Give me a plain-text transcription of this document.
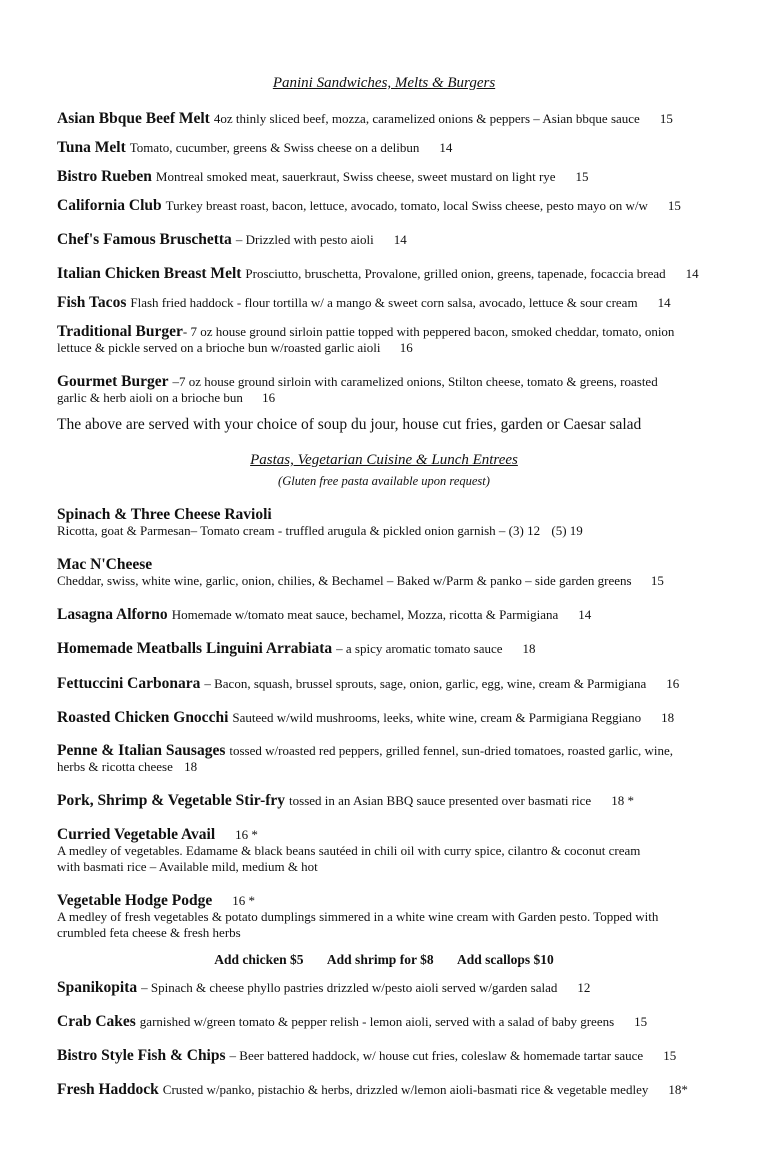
Panini Sandwiches, Melts & Burgers
Asian Bbque Beef Melt 4oz thinly sliced beef, mozza, caramelized onions & peppers – Asian bbque sauce 15
Tuna Melt Tomato, cucumber, greens & Swiss cheese on a delibun 14
Bistro Rueben Montreal smoked meat, sauerkraut, Swiss cheese, sweet mustard on light rye 15
California Club Turkey breast roast, bacon, lettuce, avocado, tomato, local Swiss cheese, pesto mayo on w/w 15
Chef's Famous Bruschetta – Drizzled with pesto aioli 14
Italian Chicken Breast Melt Prosciutto, bruschetta, Provalone, grilled onion, greens, tapenade, focaccia bread 14
Fish Tacos Flash fried haddock - flour tortilla w/ a mango & sweet corn salsa, avocado, lettuce & sour cream 14
Traditional Burger- 7 oz house ground sirloin pattie topped with peppered bacon, smoked cheddar, tomato, onion
lettuce & pickle served on a brioche bun w/roasted garlic aioli 16
Gourmet Burger –7 oz house ground sirloin with caramelized onions, Stilton cheese, tomato & greens, roasted
garlic & herb aioli on a brioche bun 16
The above are served with your choice of soup du jour, house cut fries, garden or Caesar salad
Pastas, Vegetarian Cuisine & Lunch Entrees
(Gluten free pasta available upon request)
Spinach & Three Cheese Ravioli
Ricotta, goat & Parmesan– Tomato cream - truffled arugula & pickled onion garnish – (3) 12 (5) 19
Mac N'Cheese
Cheddar, swiss, white wine, garlic, onion, chilies, & Bechamel – Baked w/Parm & panko – side garden greens 15
Lasagna Alforno Homemade w/tomato meat sauce, bechamel, Mozza, ricotta & Parmigiana 14
Homemade Meatballs Linguini Arrabiata – a spicy aromatic tomato sauce 18
Fettuccini Carbonara – Bacon, squash, brussel sprouts, sage, onion, garlic, egg, wine, cream & Parmigiana 16
Roasted Chicken Gnocchi Sauteed w/wild mushrooms, leeks, white wine, cream & Parmigiana Reggiano 18
Penne & Italian Sausages tossed w/roasted red peppers, grilled fennel, sun-dried tomatoes, roasted garlic, wine,
herbs & ricotta cheese 18
Pork, Shrimp & Vegetable Stir-fry tossed in an Asian BBQ sauce presented over basmati rice 18 *
Curried Vegetable Avail 16 *
A medley of vegetables. Edamame & black beans sautéed in chili oil with curry spice, cilantro & coconut cream
with basmati rice – Available mild, medium & hot
Vegetable Hodge Podge 16 *
A medley of fresh vegetables & potato dumplings simmered in a white wine cream with Garden pesto. Topped with
crumbled feta cheese & fresh herbs
Add chicken $5 Add shrimp for $8 Add scallops $10
Spanikopita – Spinach & cheese phyllo pastries drizzled w/pesto aioli served w/garden salad 12
Crab Cakes garnished w/green tomato & pepper relish - lemon aioli, served with a salad of baby greens 15
Bistro Style Fish & Chips – Beer battered haddock, w/ house cut fries, coleslaw & homemade tartar sauce 15
Fresh Haddock Crusted w/panko, pistachio & herbs, drizzled w/lemon aioli-basmati rice & vegetable medley 18*
